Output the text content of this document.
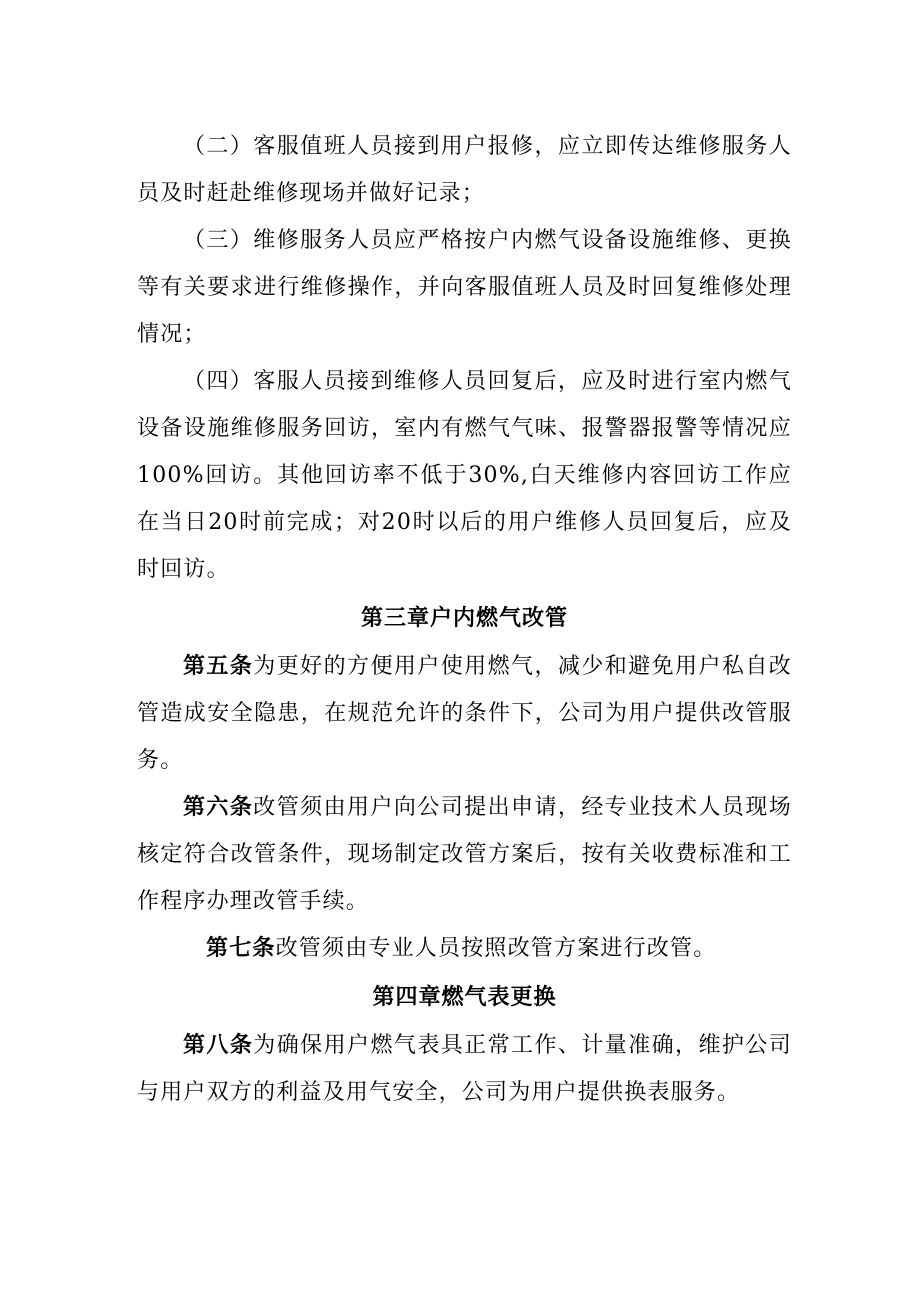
（二）客服值班人员接到用户报修，应立即传达维修服务人员及时赶赴维修现场并做好记录；

（三）维修服务人员应严格按户内燃气设备设施维修、更换等有关要求进行维修操作，并向客服值班人员及时回复维修处理情况；

（四）客服人员接到维修人员回复后，应及时进行室内燃气设备设施维修服务回访，室内有燃气气味、报警器报警等情况应100%回访。其他回访率不低于30%,白天维修内容回访工作应在当日20时前完成；对20时以后的用户维修人员回复后，应及时回访。

第三章户内燃气改管

第五条为更好的方便用户使用燃气，减少和避免用户私自改管造成安全隐患，在规范允许的条件下，公司为用户提供改管服务。

第六条改管须由用户向公司提出申请，经专业技术人员现场核定符合改管条件，现场制定改管方案后，按有关收费标准和工作程序办理改管手续。

第七条改管须由专业人员按照改管方案进行改管。

第四章燃气表更换

第八条为确保用户燃气表具正常工作、计量准确，维护公司与用户双方的利益及用气安全，公司为用户提供换表服务。
